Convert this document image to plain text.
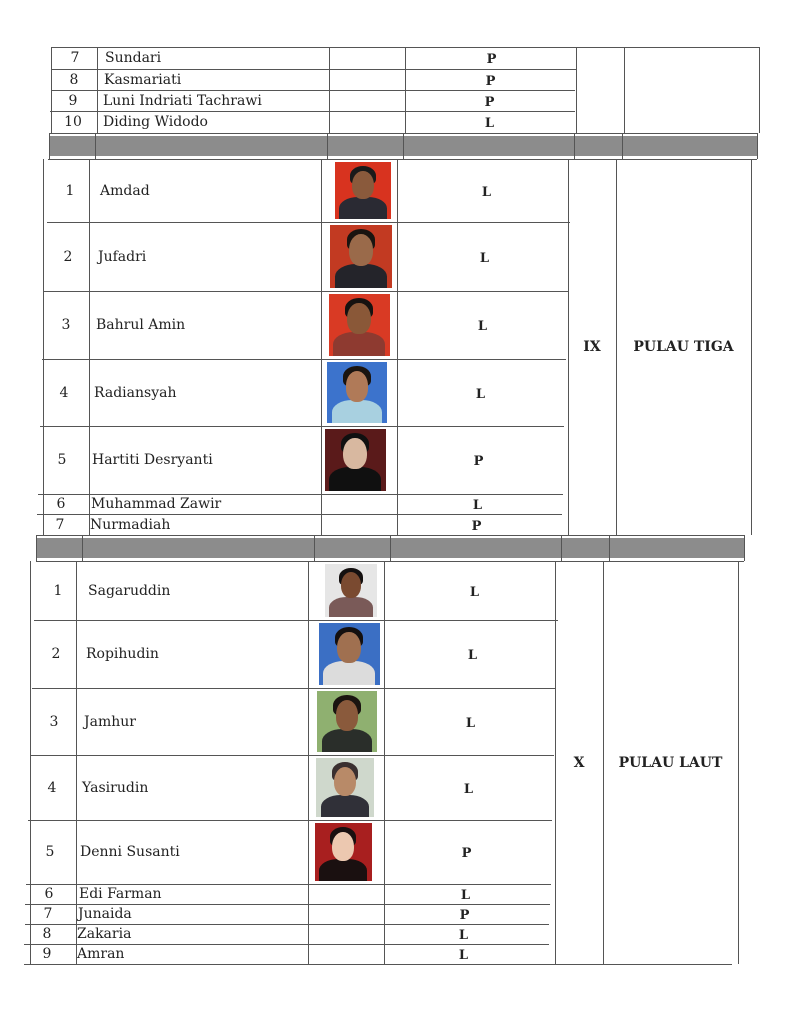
7	Sundari	P
8	Kasmariati	P
9	Luni Indriati Tachrawi	P
10	Diding Widodo	L
1	Amdad	L
2	Jufadri	L
3	Bahrul Amin	L
4	Radiansyah	L
5	Hartiti Desryanti	P
6	Muhammad Zawir	L
7	Nurmadiah	P
IX	PULAU TIGA
1	Sagaruddin	L
2	Ropihudin	L
3	Jamhur	L
4	Yasirudin	L
5	Denni Susanti	P
6	Edi Farman	L
7	Junaida	P
8	Zakaria	L
9	Amran	L
X	PULAU LAUT
